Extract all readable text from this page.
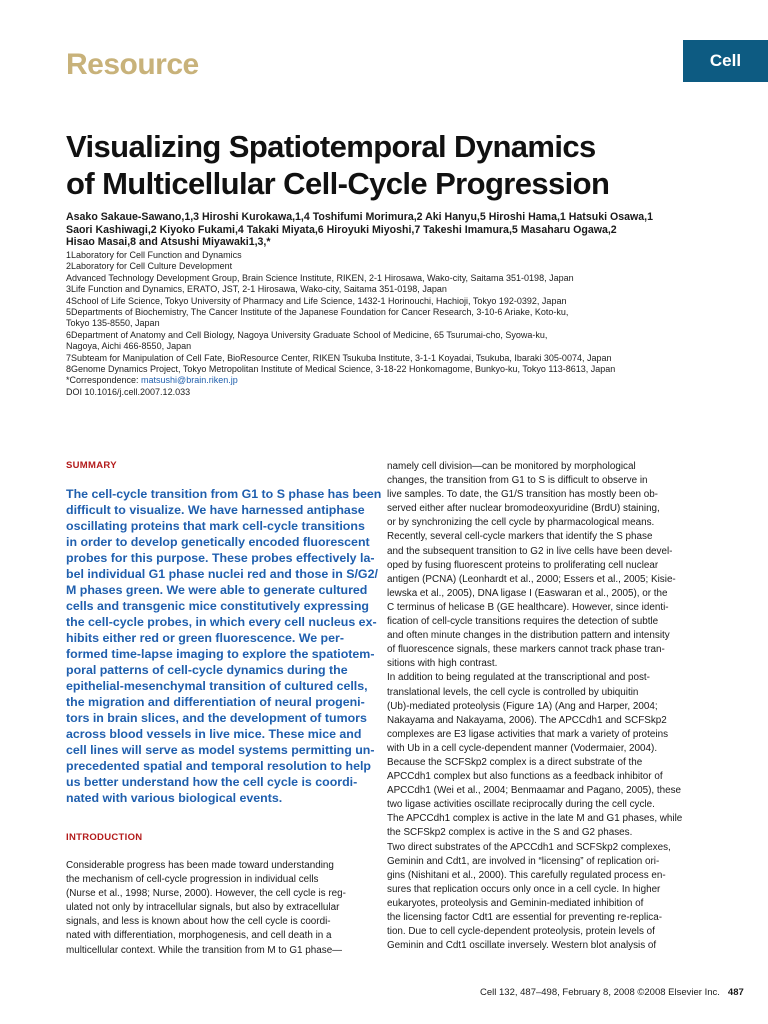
Resource	Cell
Visualizing Spatiotemporal Dynamics
of Multicellular Cell-Cycle Progression
Asako Sakaue-Sawano,1,3 Hiroshi Kurokawa,1,4 Toshifumi Morimura,2 Aki Hanyu,5 Hiroshi Hama,1 Hatsuki Osawa,1
Saori Kashiwagi,2 Kiyoko Fukami,4 Takaki Miyata,6 Hiroyuki Miyoshi,7 Takeshi Imamura,5 Masaharu Ogawa,2
Hisao Masai,8 and Atsushi Miyawaki1,3,*
1Laboratory for Cell Function and Dynamics
2Laboratory for Cell Culture Development
Advanced Technology Development Group, Brain Science Institute, RIKEN, 2-1 Hirosawa, Wako-city, Saitama 351-0198, Japan
3Life Function and Dynamics, ERATO, JST, 2-1 Hirosawa, Wako-city, Saitama 351-0198, Japan
4School of Life Science, Tokyo University of Pharmacy and Life Science, 1432-1 Horinouchi, Hachioji, Tokyo 192-0392, Japan
5Departments of Biochemistry, The Cancer Institute of the Japanese Foundation for Cancer Research, 3-10-6 Ariake, Koto-ku,
Tokyo 135-8550, Japan
6Department of Anatomy and Cell Biology, Nagoya University Graduate School of Medicine, 65 Tsurumai-cho, Syowa-ku,
Nagoya, Aichi 466-8550, Japan
7Subteam for Manipulation of Cell Fate, BioResource Center, RIKEN Tsukuba Institute, 3-1-1 Koyadai, Tsukuba, Ibaraki 305-0074, Japan
8Genome Dynamics Project, Tokyo Metropolitan Institute of Medical Science, 3-18-22 Honkomagome, Bunkyo-ku, Tokyo 113-8613, Japan
*Correspondence: matsushi@brain.riken.jp
DOI 10.1016/j.cell.2007.12.033
SUMMARY
The cell-cycle transition from G1 to S phase has been
difficult to visualize. We have harnessed antiphase
oscillating proteins that mark cell-cycle transitions
in order to develop genetically encoded fluorescent
probes for this purpose. These probes effectively la-
bel individual G1 phase nuclei red and those in S/G2/
M phases green. We were able to generate cultured
cells and transgenic mice constitutively expressing
the cell-cycle probes, in which every cell nucleus ex-
hibits either red or green fluorescence. We per-
formed time-lapse imaging to explore the spatiotem-
poral patterns of cell-cycle dynamics during the
epithelial-mesenchymal transition of cultured cells,
the migration and differentiation of neural progeni-
tors in brain slices, and the development of tumors
across blood vessels in live mice. These mice and
cell lines will serve as model systems permitting un-
precedented spatial and temporal resolution to help
us better understand how the cell cycle is coordi-
nated with various biological events.
INTRODUCTION
Considerable progress has been made toward understanding
the mechanism of cell-cycle progression in individual cells
(Nurse et al., 1998; Nurse, 2000). However, the cell cycle is reg-
ulated not only by intracellular signals, but also by extracellular
signals, and less is known about how the cell cycle is coordi-
nated with differentiation, morphogenesis, and cell death in a
multicellular context. While the transition from M to G1 phase—
namely cell division—can be monitored by morphological
changes, the transition from G1 to S is difficult to observe in
live samples. To date, the G1/S transition has mostly been ob-
served either after nuclear bromodeoxyuridine (BrdU) staining,
or by synchronizing the cell cycle by pharmacological means.
Recently, several cell-cycle markers that identify the S phase
and the subsequent transition to G2 in live cells have been devel-
oped by fusing fluorescent proteins to proliferating cell nuclear
antigen (PCNA) (Leonhardt et al., 2000; Essers et al., 2005; Kisie-
lewska et al., 2005), DNA ligase I (Easwaran et al., 2005), or the
C terminus of helicase B (GE healthcare). However, since identi-
fication of cell-cycle transitions requires the detection of subtle
and often minute changes in the distribution pattern and intensity
of fluorescence signals, these markers cannot track phase tran-
sitions with high contrast.
In addition to being regulated at the transcriptional and post-
translational levels, the cell cycle is controlled by ubiquitin
(Ub)-mediated proteolysis (Figure 1A) (Ang and Harper, 2004;
Nakayama and Nakayama, 2006). The APCCdh1 and SCFSkp2
complexes are E3 ligase activities that mark a variety of proteins
with Ub in a cell cycle-dependent manner (Vodermaier, 2004).
Because the SCFSkp2 complex is a direct substrate of the
APCCdh1 complex but also functions as a feedback inhibitor of
APCCdh1 (Wei et al., 2004; Benmaamar and Pagano, 2005), these
two ligase activities oscillate reciprocally during the cell cycle.
The APCCdh1 complex is active in the late M and G1 phases, while
the SCFSkp2 complex is active in the S and G2 phases.
Two direct substrates of the APCCdh1 and SCFSkp2 complexes,
Geminin and Cdt1, are involved in “licensing” of replication ori-
gins (Nishitani et al., 2000). This carefully regulated process en-
sures that replication occurs only once in a cell cycle. In higher
eukaryotes, proteolysis and Geminin-mediated inhibition of
the licensing factor Cdt1 are essential for preventing re-replica-
tion. Due to cell cycle-dependent proteolysis, protein levels of
Geminin and Cdt1 oscillate inversely. Western blot analysis of
Cell 132, 487–498, February 8, 2008 ©2008 Elsevier Inc. 487
